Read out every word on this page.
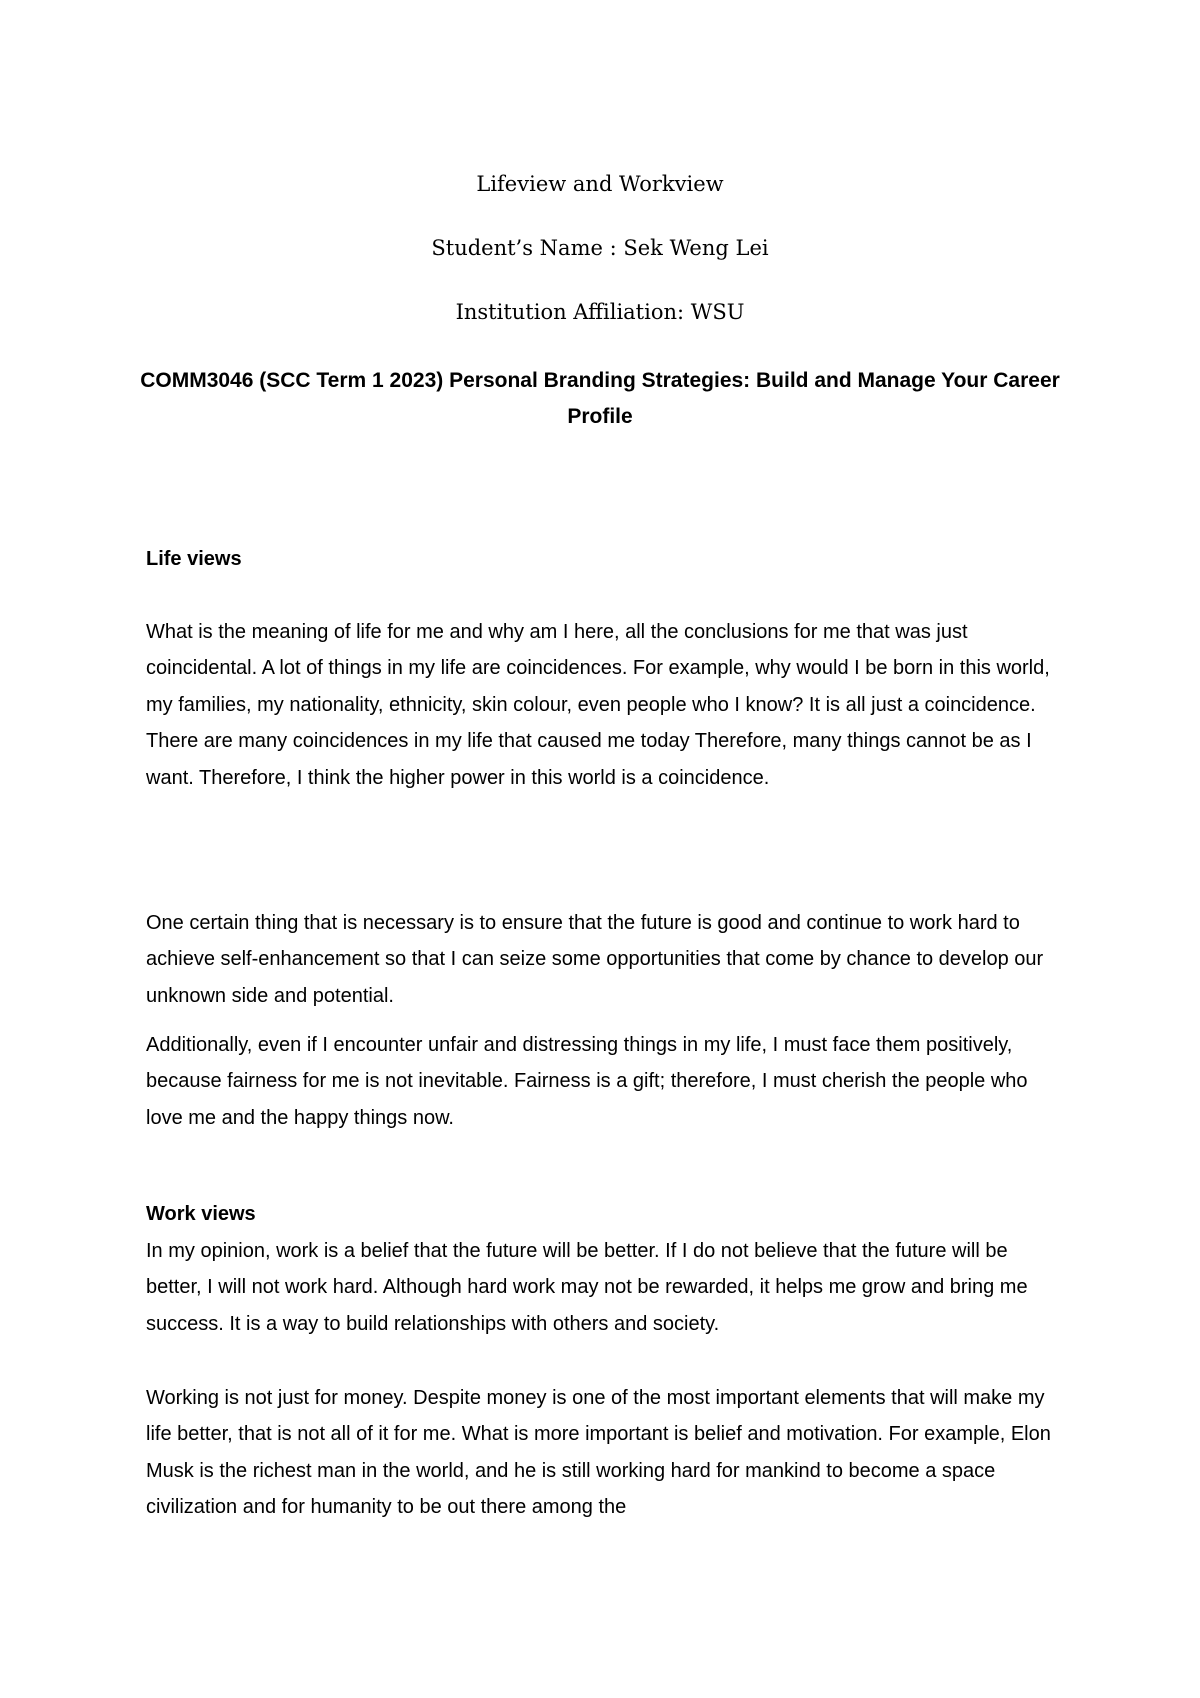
Lifeview and Workview

Student’s Name : Sek Weng Lei

Institution Affiliation: WSU

COMM3046 (SCC Term 1 2023) Personal Branding Strategies: Build and Manage Your Career Profile

Life views

What is the meaning of life for me and why am I here, all the conclusions for me that was just coincidental. A lot of things in my life are coincidences. For example, why would I be born in this world, my families, my nationality, ethnicity, skin colour, even people who I know? It is all just a coincidence. There are many coincidences in my life that caused me today Therefore, many things cannot be as I want. Therefore, I think the higher power in this world is a coincidence.

One certain thing that is necessary is to ensure that the future is good and continue to work hard to achieve self-enhancement so that I can seize some opportunities that come by chance to develop our unknown side and potential.

Additionally, even if I encounter unfair and distressing things in my life, I must face them positively, because fairness for me is not inevitable. Fairness is a gift; therefore, I must cherish the people who love me and the happy things now.

Work views

In my opinion, work is a belief that the future will be better. If I do not believe that the future will be better, I will not work hard. Although hard work may not be rewarded, it helps me grow and bring me success. It is a way to build relationships with others and society.

Working is not just for money. Despite money is one of the most important elements that will make my life better, that is not all of it for me. What is more important is belief and motivation. For example, Elon Musk is the richest man in the world, and he is still working hard for mankind to become a space civilization and for humanity to be out there among the
